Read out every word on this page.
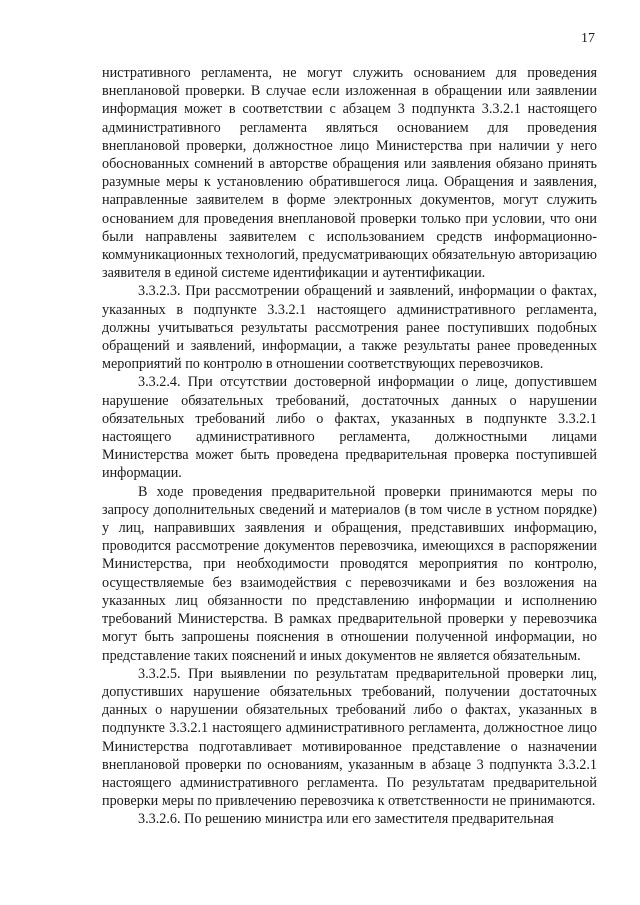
17

нистративного регламента, не могут служить основанием для проведения внеплановой проверки. В случае если изложенная в обращении или заявлении информация может в соответствии с абзацем 3 подпункта 3.3.2.1 настоящего административного регламента являться основанием для проведения внеплановой проверки, должностное лицо Министерства при наличии у него обоснованных сомнений в авторстве обращения или заявления обязано принять разумные меры к установлению обратившегося лица. Обращения и заявления, направленные заявителем в форме электронных документов, могут служить основанием для проведения внеплановой проверки только при условии, что они были направлены заявителем с использованием средств информационно-коммуникационных технологий, предусматривающих обязательную авторизацию заявителя в единой системе идентификации и аутентификации.

3.3.2.3. При рассмотрении обращений и заявлений, информации о фактах, указанных в подпункте 3.3.2.1 настоящего административного регламента, должны учитываться результаты рассмотрения ранее поступивших подобных обращений и заявлений, информации, а также результаты ранее проведенных мероприятий по контролю в отношении соответствующих перевозчиков.

3.3.2.4. При отсутствии достоверной информации о лице, допустившем нарушение обязательных требований, достаточных данных о нарушении обязательных требований либо о фактах, указанных в подпункте 3.3.2.1 настоящего административного регламента, должностными лицами Министерства может быть проведена предварительная проверка поступившей информации.

В ходе проведения предварительной проверки принимаются меры по запросу дополнительных сведений и материалов (в том числе в устном порядке) у лиц, направивших заявления и обращения, представивших информацию, проводится рассмотрение документов перевозчика, имеющихся в распоряжении Министерства, при необходимости проводятся мероприятия по контролю, осуществляемые без взаимодействия с перевозчиками и без возложения на указанных лиц обязанности по представлению информации и исполнению требований Министерства. В рамках предварительной проверки у перевозчика могут быть запрошены пояснения в отношении полученной информации, но представление таких пояснений и иных документов не является обязательным.

3.3.2.5. При выявлении по результатам предварительной проверки лиц, допустивших нарушение обязательных требований, получении достаточных данных о нарушении обязательных требований либо о фактах, указанных в подпункте 3.3.2.1 настоящего административного регламента, должностное лицо Министерства подготавливает мотивированное представление о назначении внеплановой проверки по основаниям, указанным в абзаце 3 подпункта 3.3.2.1 настоящего административного регламента. По результатам предварительной проверки меры по привлечению перевозчика к ответственности не принимаются.

3.3.2.6. По решению министра или его заместителя предварительная
